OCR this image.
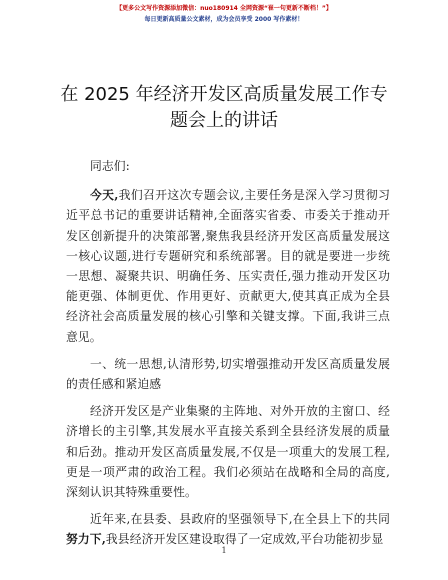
【更多公文写作资源添加微信：nuo180914 全网资源“崔一句更新不断档！”】
每日更新高质量公文素材，成为会员享受 2000 写作素材！
在 2025 年经济开发区高质量发展工作专题会上的讲话

同志们:

今天,我们召开这次专题会议,主要任务是深入学习贯彻习近平总书记的重要讲话精神,全面落实省委、市委关于推动开发区创新提升的决策部署,聚焦我县经济开发区高质量发展这一核心议题,进行专题研究和系统部署。目的就是要进一步统一思想、凝聚共识、明确任务、压实责任,强力推动开发区功能更强、体制更优、作用更好、贡献更大,使其真正成为全县经济社会高质量发展的核心引擎和关键支撑。下面,我讲三点意见。

一、统一思想,认清形势,切实增强推动开发区高质量发展的责任感和紧迫感

经济开发区是产业集聚的主阵地、对外开放的主窗口、经济增长的主引擎,其发展水平直接关系到全县经济发展的质量和后劲。推动开发区高质量发展,不仅是一项重大的发展工程,更是一项严肃的政治工程。我们必须站在战略和全局的高度,深刻认识其特殊重要性。

近年来,在县委、县政府的坚强领导下,在全县上下的共同努力下,我县经济开发区建设取得了一定成效,平台功能初步显

1
